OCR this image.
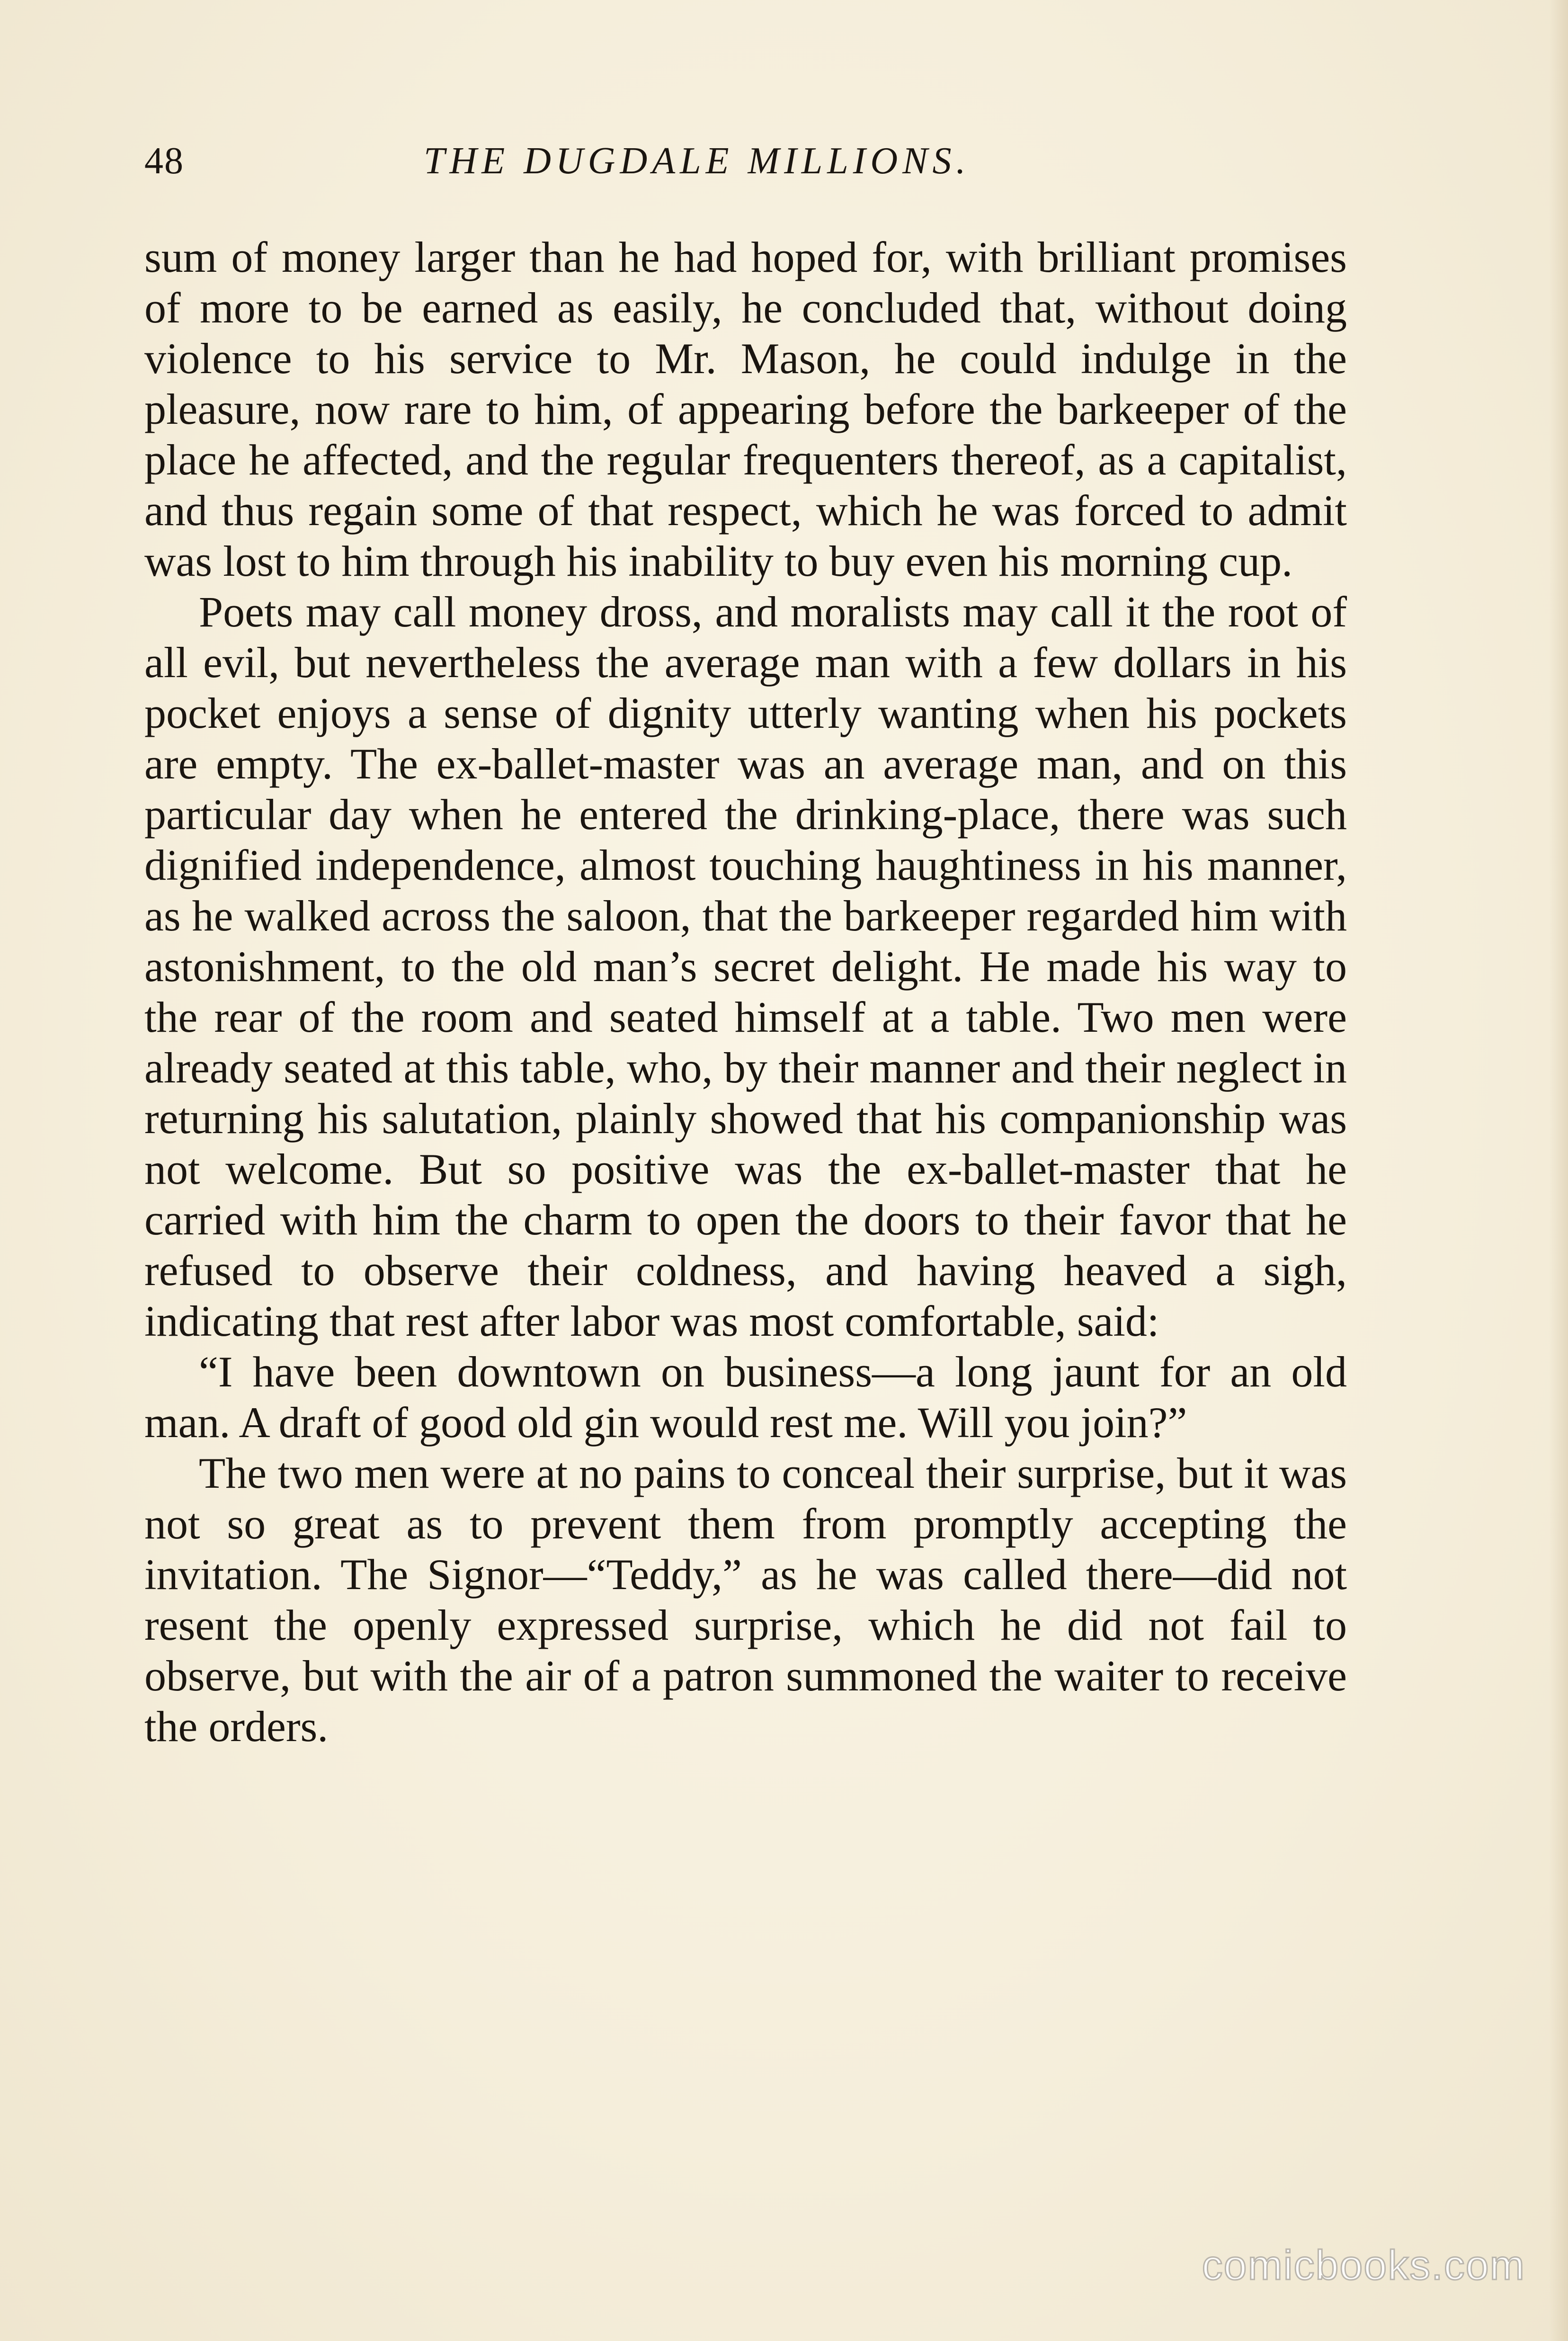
48	THE DUGDALE MILLIONS.

sum of money larger than he had hoped for, with brilliant promises of more to be earned as easily, he concluded that, without doing violence to his service to Mr. Mason, he could indulge in the pleasure, now rare to him, of appearing before the barkeeper of the place he affected, and the regular frequenters thereof, as a capitalist, and thus regain some of that respect, which he was forced to admit was lost to him through his inability to buy even his morning cup.

Poets may call money dross, and moralists may call it the root of all evil, but nevertheless the average man with a few dollars in his pocket enjoys a sense of dignity utterly wanting when his pockets are empty. The ex-ballet-master was an average man, and on this particular day when he entered the drinking-place, there was such dignified independence, almost touching haughtiness in his manner, as he walked across the saloon, that the barkeeper regarded him with astonishment, to the old man’s secret delight. He made his way to the rear of the room and seated himself at a table. Two men were already seated at this table, who, by their manner and their neglect in returning his salutation, plainly showed that his companionship was not welcome. But so positive was the ex-ballet-master that he carried with him the charm to open the doors to their favor that he refused to observe their coldness, and having heaved a sigh, indicating that rest after labor was most comfortable, said:

“I have been downtown on business—a long jaunt for an old man. A draft of good old gin would rest me. Will you join?”

The two men were at no pains to conceal their surprise, but it was not so great as to prevent them from promptly accepting the invitation. The Signor—“Teddy,” as he was called there—did not resent the openly expressed surprise, which he did not fail to observe, but with the air of a patron summoned the waiter to receive the orders.

comicbooks.com
